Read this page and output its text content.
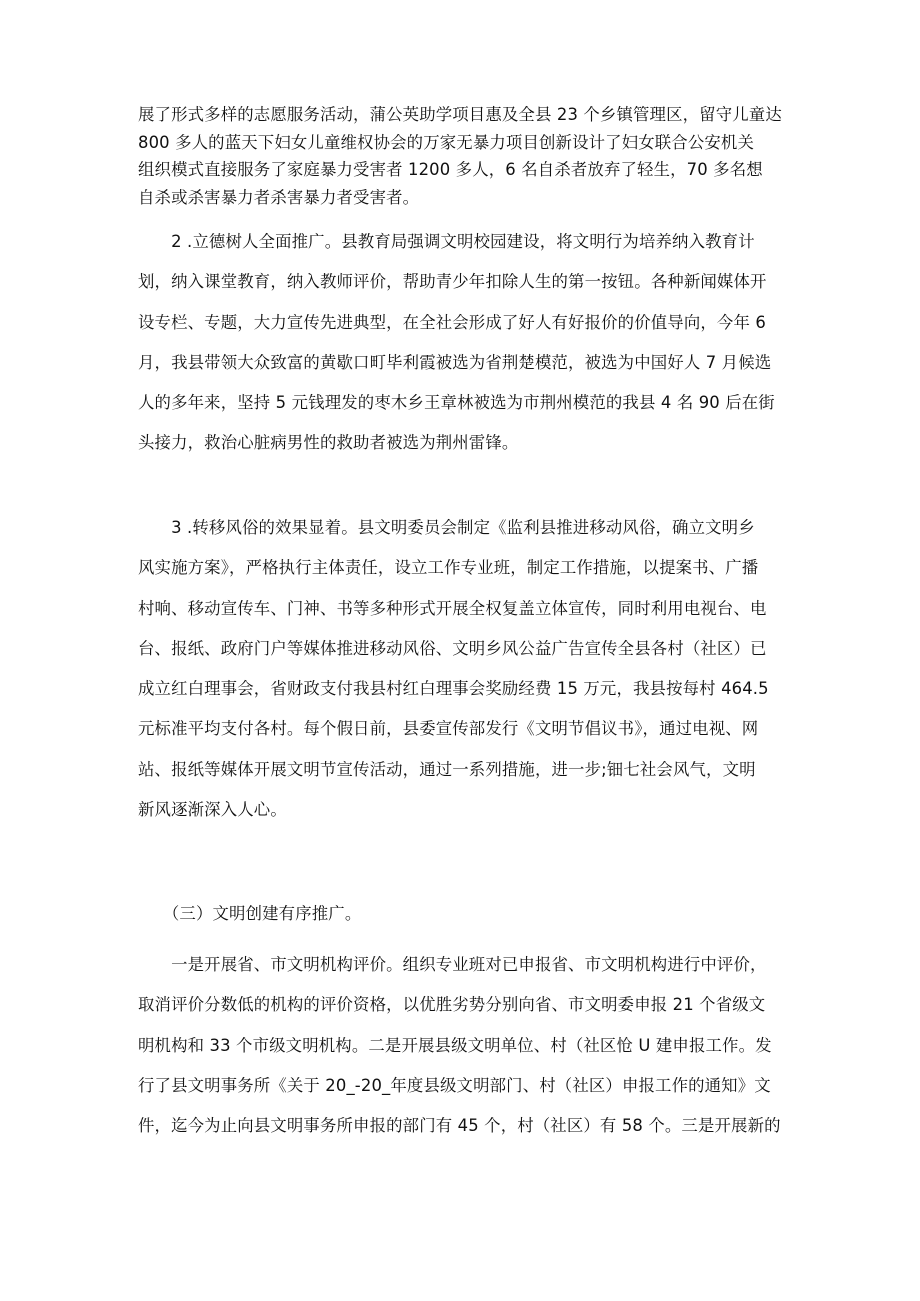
展了形式多样的志愿服务活动，蒲公英助学项目惠及全县 23 个乡镇管理区，留守儿童达
800 多人的蓝天下妇女儿童维权协会的万家无暴力项目创新设计了妇女联合公安机关
组织模式直接服务了家庭暴力受害者 1200 多人，6 名自杀者放弃了轻生，70 多名想
自杀或杀害暴力者杀害暴力者受害者。

　　2 .立德树人全面推广。县教育局强调文明校园建设，将文明行为培养纳入教育计
划，纳入课堂教育，纳入教师评价，帮助青少年扣除人生的第一按钮。各种新闻媒体开
设专栏、专题，大力宣传先进典型，在全社会形成了好人有好报价的价值导向，今年 6
月，我县带领大众致富的黄歇口町毕利霞被选为省荆楚模范，被选为中国好人 7 月候选
人的多年来，坚持 5 元钱理发的枣木乡王章林被选为市荆州模范的我县 4 名 90 后在街
头接力，救治心脏病男性的救助者被选为荆州雷锋。

　　3 .转移风俗的效果显着。县文明委员会制定《监利县推进移动风俗，确立文明乡
风实施方案》，严格执行主体责任，设立工作专业班，制定工作措施，以提案书、广播
村响、移动宣传车、门神、书等多种形式开展全权复盖立体宣传，同时利用电视台、电
台、报纸、政府门户等媒体推进移动风俗、文明乡风公益广告宣传全县各村（社区）已
成立红白理事会，省财政支付我县村红白理事会奖励经费 15 万元，我县按每村 464.5
元标准平均支付各村。每个假日前，县委宣传部发行《文明节倡议书》，通过电视、网
站、报纸等媒体开展文明节宣传活动，通过一系列措施，进一步;钿七社会风气，文明
新风逐渐深入人心。

　　（三）文明创建有序推广。

　　一是开展省、市文明机构评价。组织专业班对已申报省、市文明机构进行中评价，
取消评价分数低的机构的评价资格，以优胜劣势分别向省、市文明委申报 21 个省级文
明机构和 33 个市级文明机构。二是开展县级文明单位、村（社区怆 U 建申报工作。发
行了县文明事务所《关于 20_-20_年度县级文明部门、村（社区）申报工作的通知》文
件，迄今为止向县文明事务所申报的部门有 45 个，村（社区）有 58 个。三是开展新的
